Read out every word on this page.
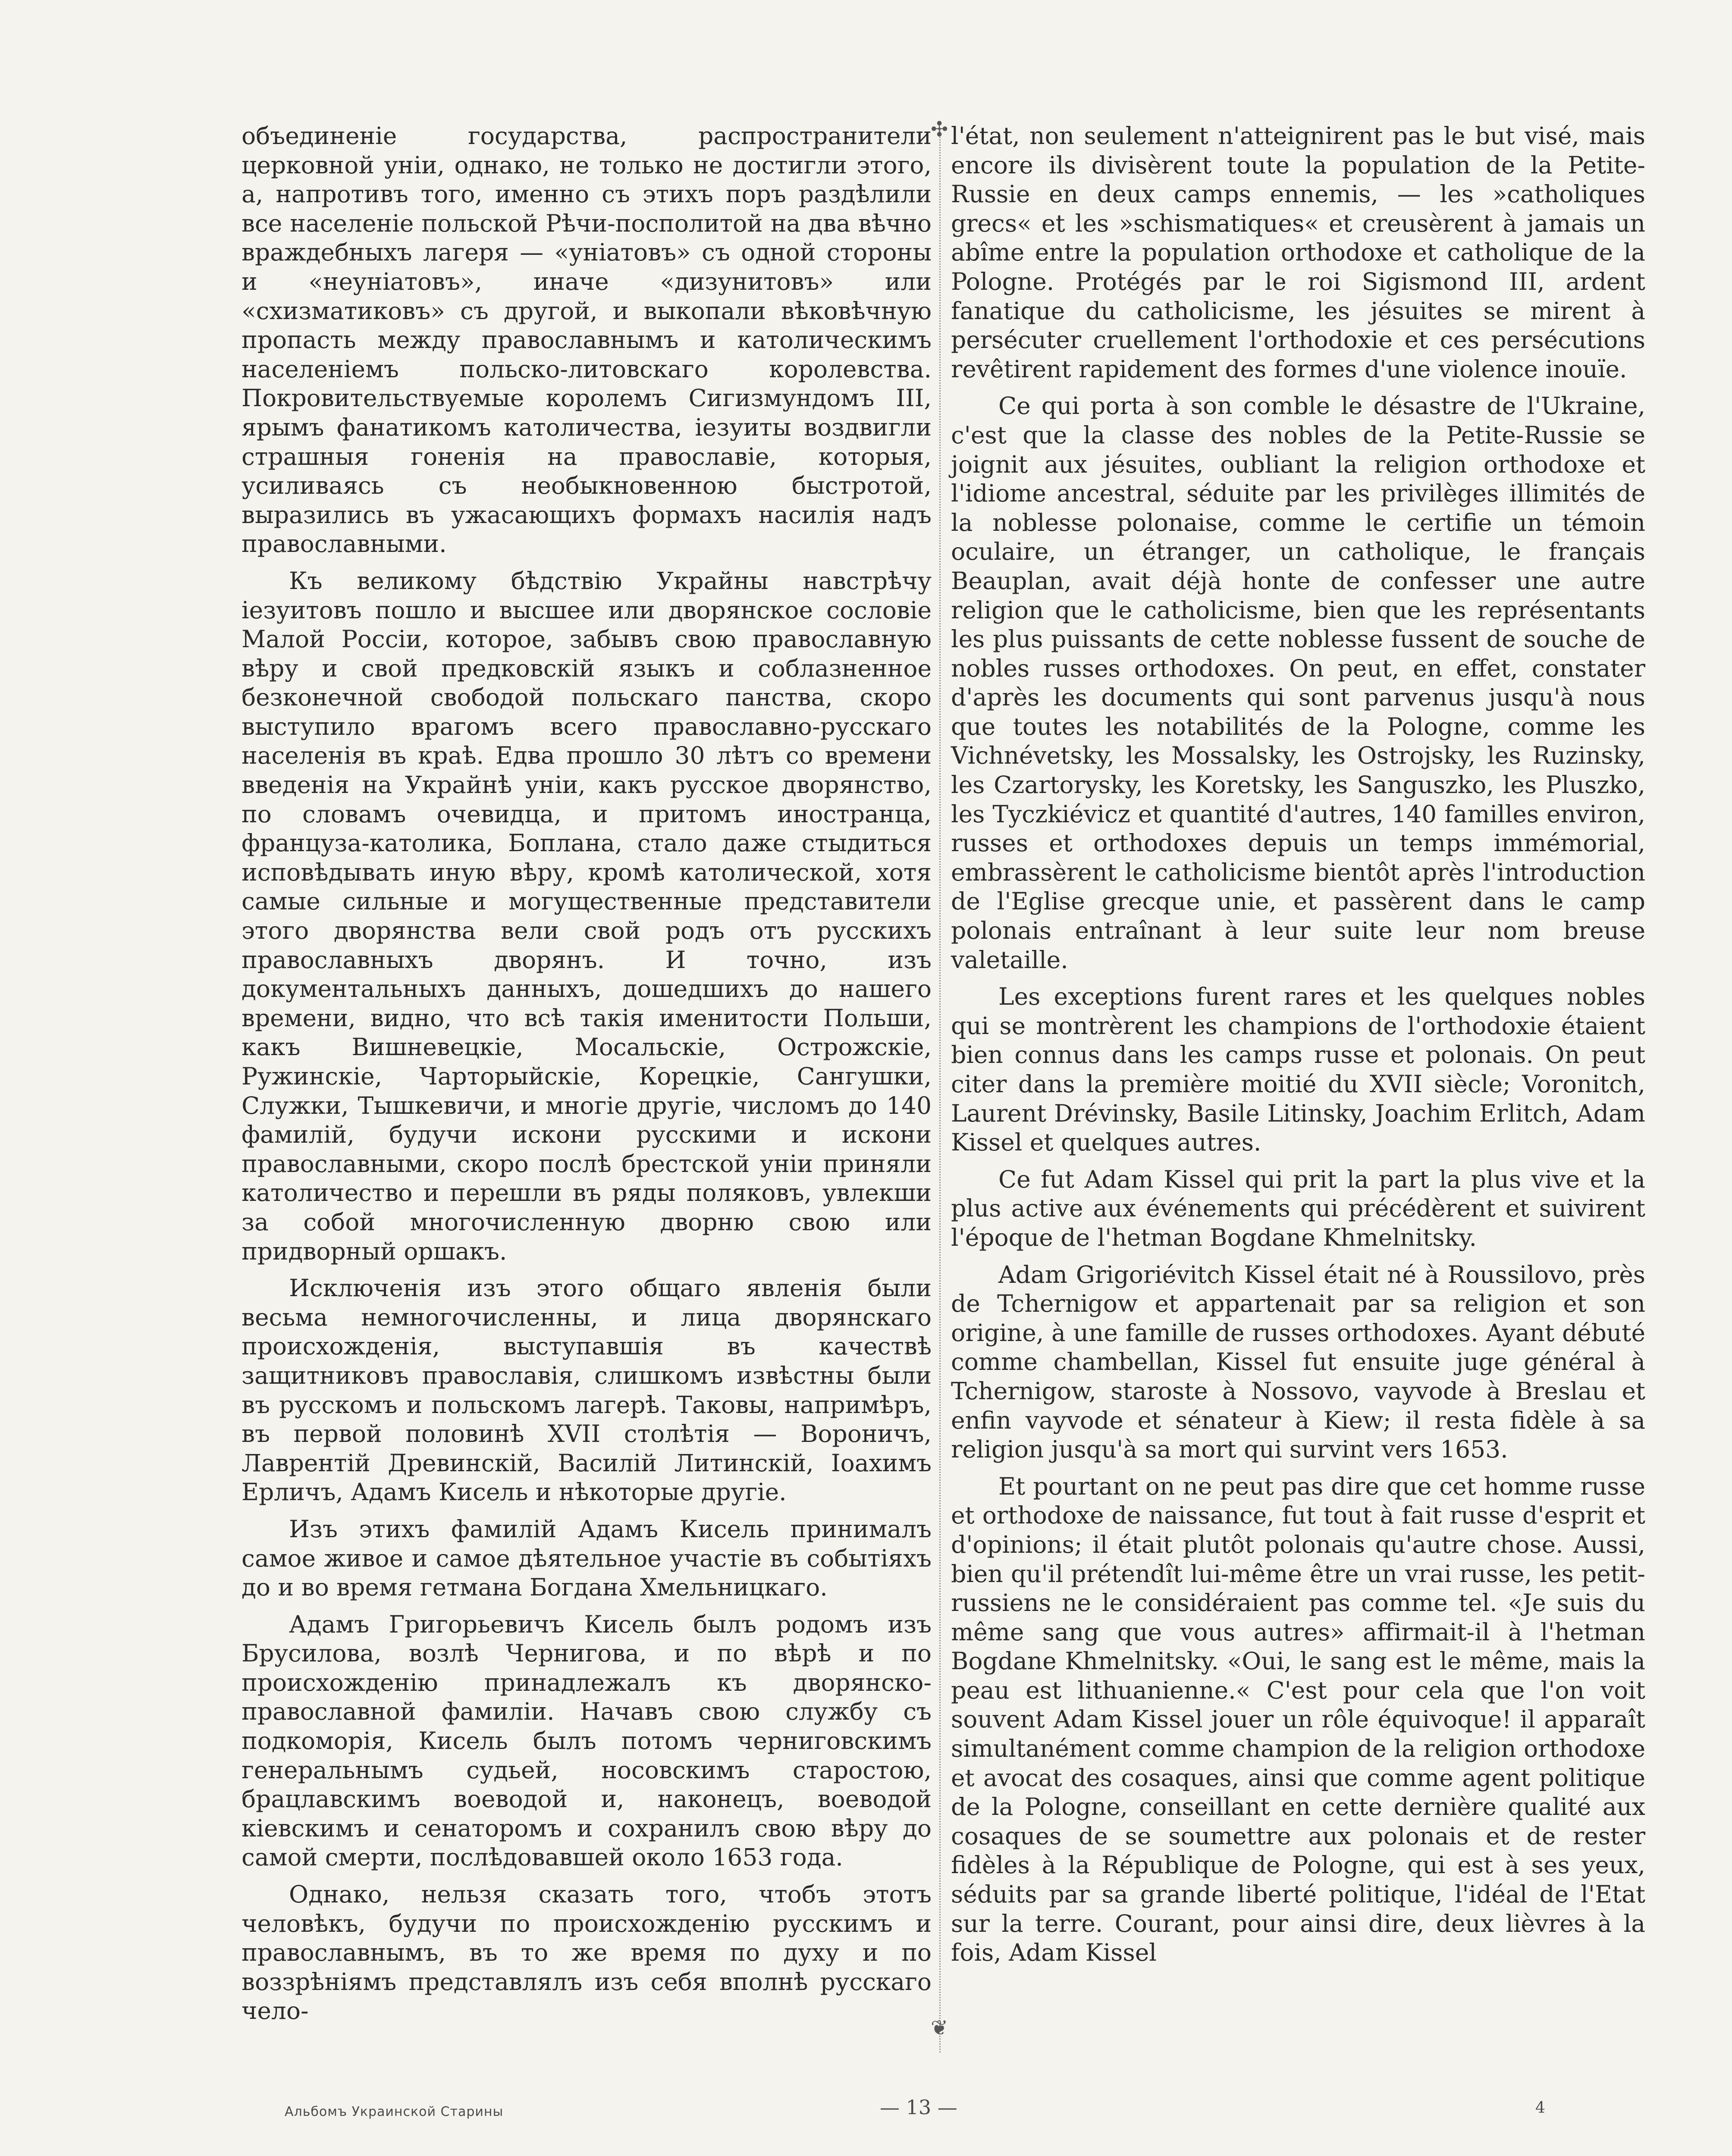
объединеніе государства, распространители церковной уніи, однако, не только не достигли этого, а, напротивъ того, именно съ этихъ поръ раздѣлили все населеніе польской Рѣчи-посполитой на два вѣчно враждебныхъ лагеря — «уніатовъ» съ одной стороны и «неуніатовъ», иначе «дизунитовъ» или «схизматиковъ» съ другой, и выкопали вѣковѣчную пропасть между православнымъ и католическимъ населеніемъ польско-литовскаго королевства. Покровительствуемые королемъ Сигизмундомъ III, ярымъ фанатикомъ католичества, іезуиты воздвигли страшныя гоненія на православіе, которыя, усиливаясь съ необыкновенною быстротой, выразились въ ужасающихъ формахъ насилія надъ православными.

Къ великому бѣдствію Украйны навстрѣчу іезуитовъ пошло и высшее или дворянское сословіе Малой Россіи, которое, забывъ свою православную вѣру и свой предковскій языкъ и соблазненное безконечной свободой польскаго панства, скоро выступило врагомъ всего православно-русскаго населенія въ краѣ. Едва прошло 30 лѣтъ со времени введенія на Украйнѣ уніи, какъ русское дворянство, по словамъ очевидца, и притомъ иностранца, француза-католика, Боплана, стало даже стыдиться исповѣдывать иную вѣру, кромѣ католической, хотя самые сильные и могущественные представители этого дворянства вели свой родъ отъ русскихъ православныхъ дворянъ. И точно, изъ документальныхъ данныхъ, дошедшихъ до нашего времени, видно, что всѣ такія именитости Польши, какъ Вишневецкіе, Мосальскіе, Острожскіе, Ружинскіе, Чарторыйскіе, Корецкіе, Сангушки, Служки, Тышкевичи, и многіе другіе, числомъ до 140 фамилій, будучи искони русскими и искони православными, скоро послѣ брестской уніи приняли католичество и перешли въ ряды поляковъ, увлекши за собой многочисленную дворню свою или придворный оршакъ.

Исключенія изъ этого общаго явленія были весьма немногочисленны, и лица дворянскаго происхожденія, выступавшія въ качествѣ защитниковъ православія, слишкомъ извѣстны были въ русскомъ и польскомъ лагерѣ. Таковы, напримѣръ, въ первой половинѣ XVII столѣтія — Вороничъ, Лаврентій Древинскій, Василій Литинскій, Іоахимъ Ерличъ, Адамъ Кисель и нѣкоторые другіе.

Изъ этихъ фамилій Адамъ Кисель принималъ самое живое и самое дѣятельное участіе въ событіяхъ до и во время гетмана Богдана Хмельницкаго.

Адамъ Григорьевичъ Кисель былъ родомъ изъ Брусилова, возлѣ Чернигова, и по вѣрѣ и по происхожденію принадлежалъ къ дворянско-православной фамиліи. Начавъ свою службу съ подкоморія, Кисель былъ потомъ черниговскимъ генеральнымъ судьей, носовскимъ старостою, брацлавскимъ воеводой и, наконецъ, воеводой кіевскимъ и сенаторомъ и сохранилъ свою вѣру до самой смерти, послѣдовавшей около 1653 года.

Однако, нельзя сказать того, чтобъ этотъ человѣкъ, будучи по происхожденію русскимъ и православнымъ, въ то же время по духу и по воззрѣніямъ представлялъ изъ себя вполнѣ русскаго чело-

✣
❦

l'état, non seulement n'atteignirent pas le but visé, mais encore ils divisèrent toute la population de la Petite-Russie en deux camps ennemis, — les »catholiques grecs« et les »schismatiques« et creusèrent à jamais un abîme entre la population orthodoxe et catholique de la Pologne. Protégés par le roi Sigismond III, ardent fanatique du catholicisme, les jésuites se mirent à persécuter cruellement l'orthodoxie et ces persécutions revêtirent rapidement des formes d'une violence inouïe.

Ce qui porta à son comble le désastre de l'Ukraine, c'est que la classe des nobles de la Petite-Russie se joignit aux jésuites, oubliant la religion orthodoxe et l'idiome ancestral, séduite par les privilèges illimités de la noblesse polonaise, comme le certifie un témoin oculaire, un étranger, un catholique, le français Beauplan, avait déjà honte de confesser une autre religion que le catholicisme, bien que les représentants les plus puissants de cette noblesse fussent de souche de nobles russes orthodoxes. On peut, en effet, constater d'après les documents qui sont parvenus jusqu'à nous que toutes les notabilités de la Pologne, comme les Vichnévetsky, les Mossalsky, les Ostrojsky, les Ruzinsky, les Czartorysky, les Koretsky, les Sanguszko, les Pluszko, les Tyczkiévicz et quantité d'autres, 140 familles environ, russes et orthodoxes depuis un temps immémorial, embrassèrent le catholicisme bientôt après l'introduction de l'Eglise grecque unie, et passèrent dans le camp polonais entraînant à leur suite leur nom breuse valetaille.

Les exceptions furent rares et les quelques nobles qui se montrèrent les champions de l'orthodoxie étaient bien connus dans les camps russe et polonais. On peut citer dans la première moitié du XVII siècle; Voronitch, Laurent Drévinsky, Basile Litinsky, Joachim Erlitch, Adam Kissel et quelques autres.

Ce fut Adam Kissel qui prit la part la plus vive et la plus active aux événements qui précédèrent et suivirent l'époque de l'hetman Bogdane Khmelnitsky.

Adam Grigoriévitch Kissel était né à Roussilovo, près de Tchernigow et appartenait par sa religion et son origine, à une famille de russes orthodoxes. Ayant débuté comme chambellan, Kissel fut ensuite juge général à Tchernigow, staroste à Nossovo, vayvode à Breslau et enfin vayvode et sénateur à Kiew; il resta fidèle à sa religion jusqu'à sa mort qui survint vers 1653.

Et pourtant on ne peut pas dire que cet homme russe et orthodoxe de naissance, fut tout à fait russe d'esprit et d'opinions; il était plutôt polonais qu'autre chose. Aussi, bien qu'il prétendît lui-même être un vrai russe, les petit-russiens ne le considéraient pas comme tel. «Je suis du même sang que vous autres» affirmait-il à l'hetman Bogdane Khmelnitsky. «Oui, le sang est le même, mais la peau est lithuanienne.« C'est pour cela que l'on voit souvent Adam Kissel jouer un rôle équivoque! il apparaît simultanément comme champion de la religion orthodoxe et avocat des cosaques, ainsi que comme agent politique de la Pologne, conseillant en cette dernière qualité aux cosaques de se soumettre aux polonais et de rester fidèles à la République de Pologne, qui est à ses yeux, séduits par sa grande liberté politique, l'idéal de l'Etat sur la terre. Courant, pour ainsi dire, deux lièvres à la fois, Adam Kissel

Альбомъ Украинской Старины	— 13 —	4
